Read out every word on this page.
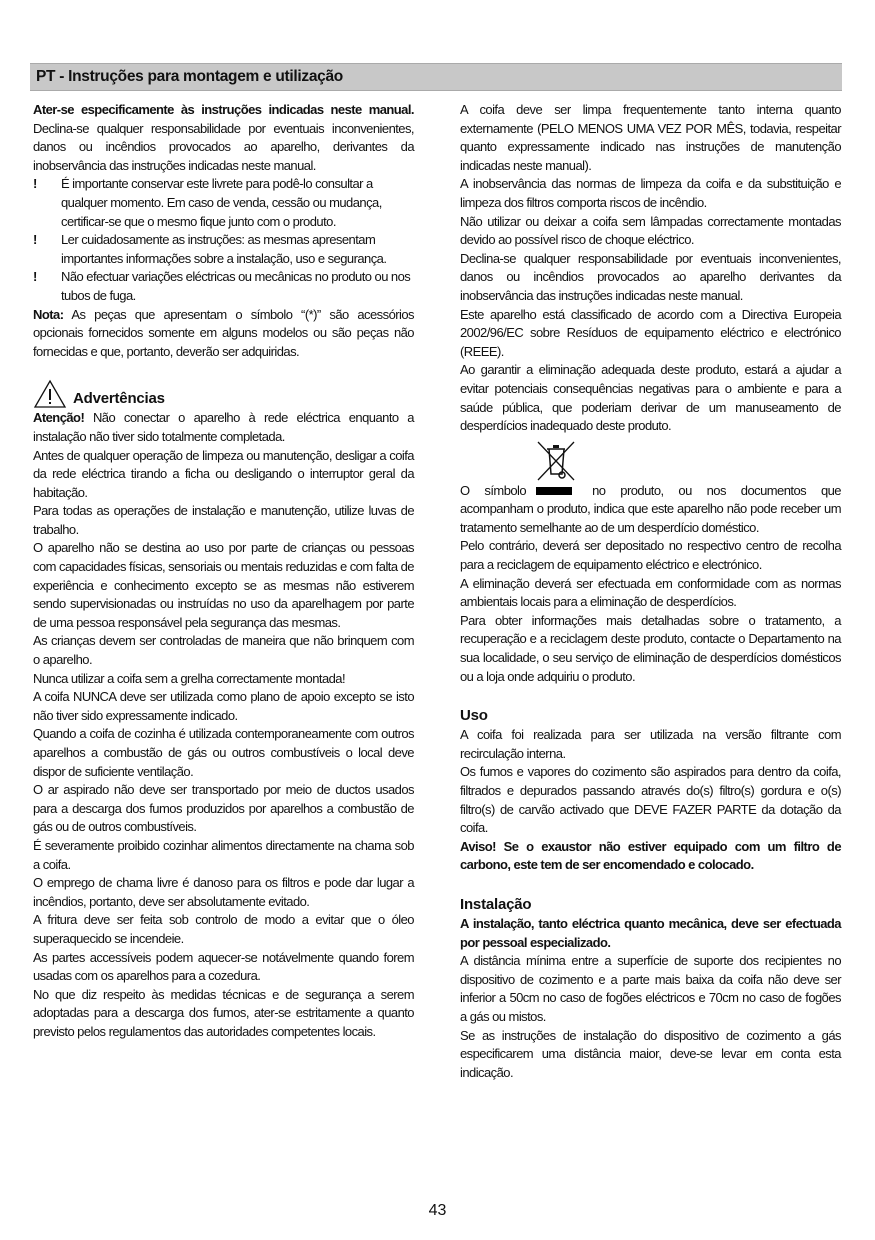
PT - Instruções para montagem e utilização

Ater-se especificamente às instruções indicadas neste manual. Declina-se qualquer responsabilidade por eventuais inconvenientes, danos ou incêndios provocados ao aparelho, derivantes da inobservância das instruções indicadas neste manual.

!	É importante conservar este livrete para podê-lo consultar a qualquer momento. Em caso de venda, cessão ou mudança, certificar-se que o mesmo fique junto com o produto.
!	Ler cuidadosamente as instruções: as mesmas apresentam importantes informações sobre a instalação, uso e segurança.
!	Não efectuar variações eléctricas ou mecânicas no produto ou nos tubos de fuga.

Nota: As peças que apresentam o símbolo “(*)” são acessórios opcionais fornecidos somente em alguns modelos ou são peças não fornecidas e que, portanto, deverão ser adquiridas.

Advertências

Atenção! Não conectar o aparelho à rede eléctrica enquanto a instalação não tiver sido totalmente completada.

Antes de qualquer operação de limpeza ou manutenção, desligar a coifa da rede eléctrica tirando a ficha ou desligando o interruptor geral da habitação.

Para todas as operações de instalação e manutenção, utilize luvas de trabalho.

O aparelho não se destina ao uso por parte de crianças ou pessoas com capacidades físicas, sensoriais ou mentais reduzidas e com falta de experiência e conhecimento excepto se as mesmas não estiverem sendo supervisionadas ou instruídas no uso da aparelhagem por parte de uma pessoa responsável pela segurança das mesmas.

As crianças devem ser controladas de maneira que não brinquem com o aparelho.

Nunca utilizar a coifa sem a grelha correctamente montada!

A coifa NUNCA deve ser utilizada como plano de apoio excepto se isto não tiver sido expressamente indicado.

Quando a coifa de cozinha é utilizada contemporaneamente com outros aparelhos a combustão de gás ou outros combustíveis o local deve dispor de suficiente ventilação.

O ar aspirado não deve ser transportado por meio de ductos usados para a descarga dos fumos produzidos por aparelhos a combustão de gás ou de outros combustíveis.

É severamente proibido cozinhar alimentos directamente na chama sob a coifa.

O emprego de chama livre é danoso para os filtros e pode dar lugar a incêndios, portanto, deve ser absolutamente evitado.

A fritura deve ser feita sob controlo de modo a evitar que o óleo superaquecido se incendeie.

As partes accessíveis podem aquecer-se notávelmente quando forem usadas com os aparelhos para a cozedura.

No que diz respeito às medidas técnicas e de segurança a serem adoptadas para a descarga dos fumos, ater-se estritamente a quanto previsto pelos regulamentos das autoridades competentes locais.

A coifa deve ser limpa frequentemente tanto interna quanto externamente (PELO MENOS UMA VEZ POR MÊS, todavia, respeitar quanto expressamente indicado nas instruções de manutenção indicadas neste manual).

A inobservância das normas de limpeza da coifa e da substituição e limpeza dos filtros comporta riscos de incêndio.

Não utilizar ou deixar a coifa sem lâmpadas correctamente montadas devido ao possível risco de choque eléctrico.

Declina-se qualquer responsabilidade por eventuais inconvenientes, danos ou incêndios provocados ao aparelho derivantes da inobservância das instruções indicadas neste manual.

Este aparelho está classificado de acordo com a Directiva Europeia 2002/96/EC sobre Resíduos de equipamento eléctrico e electrónico (REEE).

Ao garantir a eliminação adequada deste produto, estará a ajudar a evitar potenciais consequências negativas para o ambiente e para a saúde pública, que poderiam derivar de um manuseamento de desperdícios inadequado deste produto.

O símbolo	no produto, ou nos documentos que acompanham o produto, indica que este aparelho não pode receber um tratamento semelhante ao de um desperdício doméstico.

Pelo contrário, deverá ser depositado no respectivo centro de recolha para a reciclagem de equipamento eléctrico e electrónico.

A eliminação deverá ser efectuada em conformidade com as normas ambientais locais para a eliminação de desperdícios.

Para obter informações mais detalhadas sobre o tratamento, a recuperação e a reciclagem deste produto, contacte o Departamento na sua localidade, o seu serviço de eliminação de desperdícios domésticos ou a loja onde adquiriu o produto.

Uso

A coifa foi realizada para ser utilizada na versão filtrante com recirculação interna.

Os fumos e vapores do cozimento são aspirados para dentro da coifa, filtrados e depurados passando através do(s) filtro(s) gordura e o(s) filtro(s) de carvão activado que DEVE FAZER PARTE da dotação da coifa.

Aviso! Se o exaustor não estiver equipado com um filtro de carbono, este tem de ser encomendado e colocado.

Instalação

A instalação, tanto eléctrica quanto mecânica, deve ser efectuada por pessoal especializado.

A distância mínima entre a superfície de suporte dos recipientes no dispositivo de cozimento e a parte mais baixa da coifa não deve ser inferior a 50cm no caso de fogões eléctricos e 70cm no caso de fogões a gás ou mistos.

Se as instruções de instalação do dispositivo de cozimento a gás especificarem uma distância maior, deve-se levar em conta esta indicação.

43
